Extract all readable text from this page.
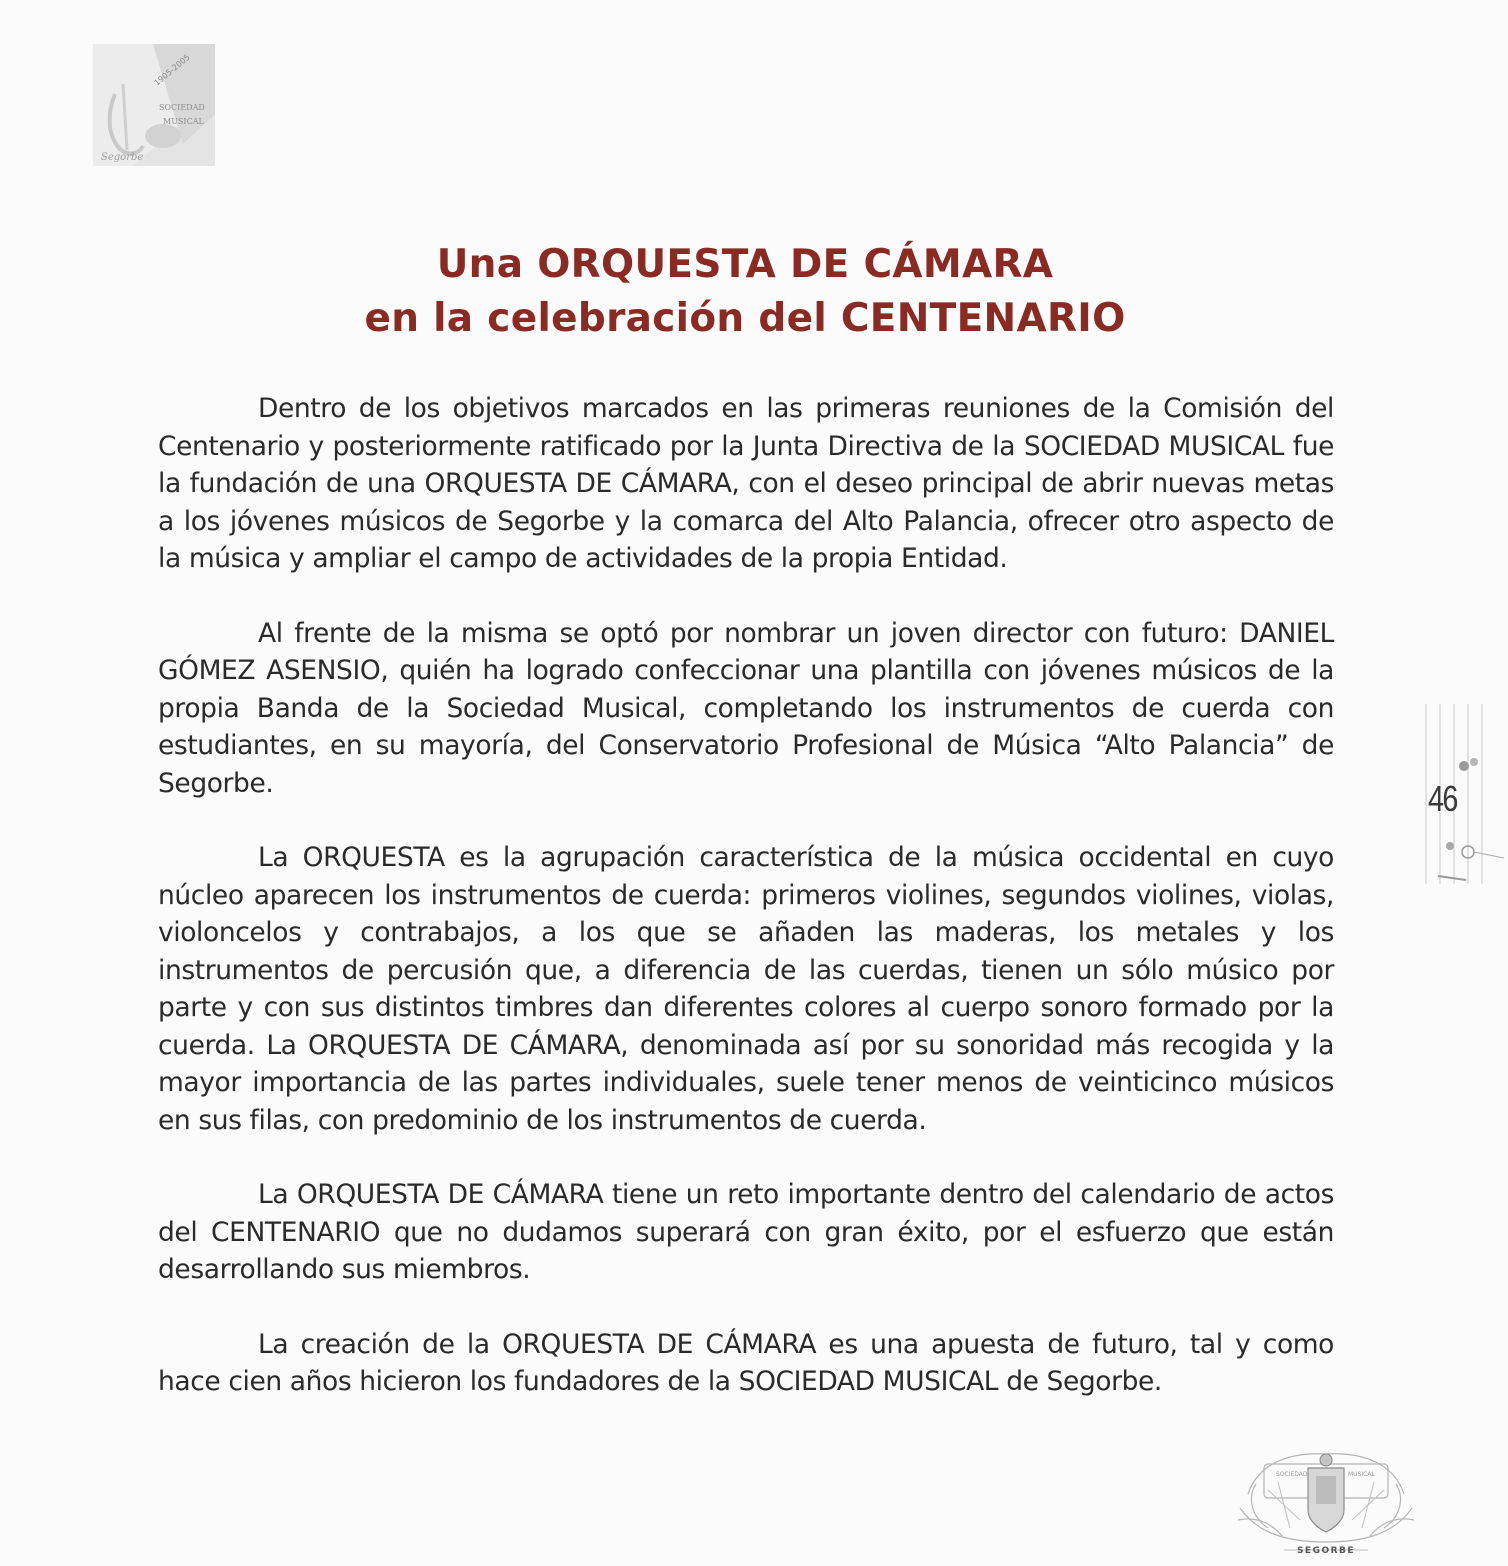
1905-2005
SOCIEDAD
MUSICAL
Segorbe
Una ORQUESTA DE CÁMARA
en la celebración del CENTENARIO

Dentro de los objetivos marcados en las primeras reuniones de la Comisión del Centenario y posteriormente ratificado por la Junta Directiva de la SOCIEDAD MUSICAL fue la fundación de una ORQUESTA DE CÁMARA, con el deseo principal de abrir nuevas metas a los jóvenes músicos de Segorbe y la comarca del Alto Palancia, ofrecer otro aspecto de la música y ampliar el campo de actividades de la propia Entidad.

Al frente de la misma se optó por nombrar un joven director con futuro: DANIEL GÓMEZ ASENSIO, quién ha logrado confeccionar una plantilla con jóvenes músicos de la propia Banda de la Sociedad Musical, completando los instrumentos de cuerda con estudiantes, en su mayoría, del Conservatorio Profesional de Música “Alto Palancia” de Segorbe.

La ORQUESTA es la agrupación característica de la música occidental en cuyo núcleo aparecen los instrumentos de cuerda: primeros violines, segundos violines, violas, violoncelos y contrabajos, a los que se añaden las maderas, los metales y los instrumentos de percusión que, a diferencia de las cuerdas, tienen un sólo músico por parte y con sus distintos timbres dan diferentes colores al cuerpo sonoro formado por la cuerda. La ORQUESTA DE CÁMARA, denominada así por su sonoridad más recogida y la mayor importancia de las partes individuales, suele tener menos de veinticinco músicos en sus filas, con predominio de los instrumentos de cuerda.

La ORQUESTA DE CÁMARA tiene un reto importante dentro del calendario de actos del CENTENARIO que no dudamos superará con gran éxito, por el esfuerzo que están desarrollando sus miembros.

La creación de la ORQUESTA DE CÁMARA es una apuesta de futuro, tal y como hace cien años hicieron los fundadores de la SOCIEDAD MUSICAL de Segorbe.

46
SOCIEDAD	MUSICAL
SEGORBE
